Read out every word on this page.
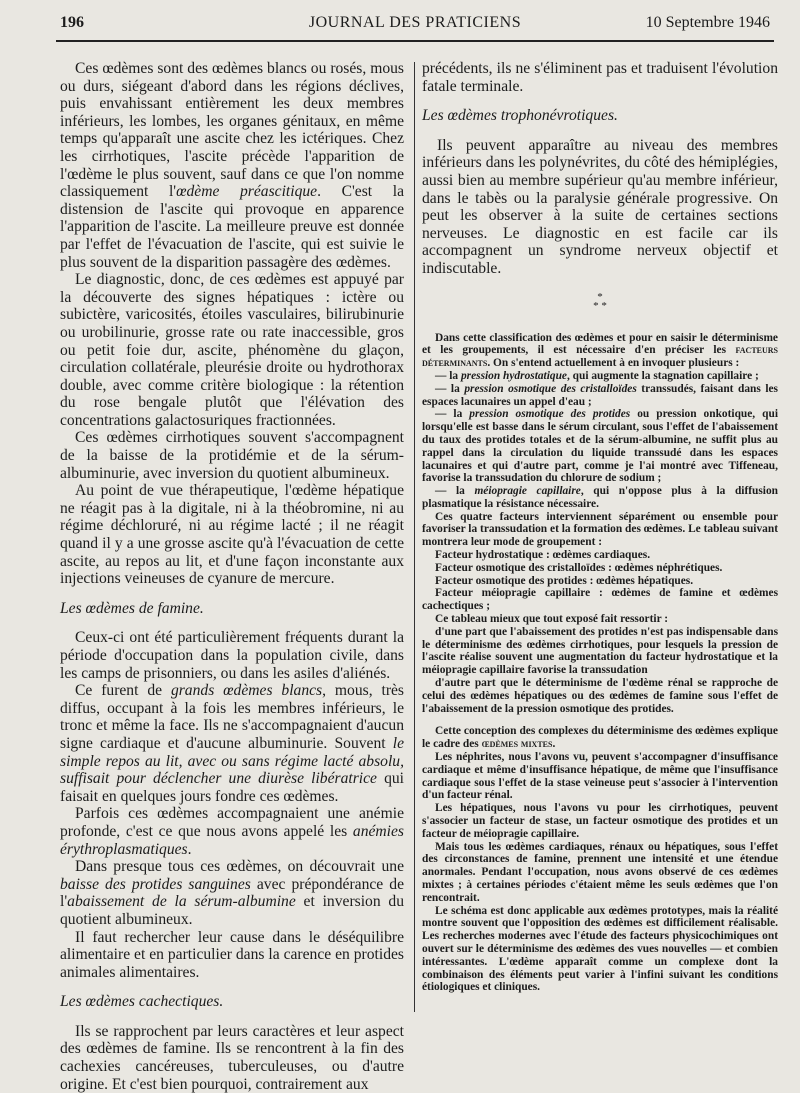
196	JOURNAL DES PRATICIENS	10 Septembre 1946

Ces œdèmes sont des œdèmes blancs ou rosés, mous ou durs, siégeant d'abord dans les régions déclives, puis envahissant entièrement les deux membres inférieurs, les lombes, les organes génitaux, en même temps qu'apparaît une ascite chez les ictériques. Chez les cirrhotiques, l'ascite précède l'apparition de l'œdème le plus souvent, sauf dans ce que l'on nomme classiquement l'œdème préascitique. C'est la distension de l'ascite qui provoque en apparence l'apparition de l'ascite. La meilleure preuve est donnée par l'effet de l'évacuation de l'ascite, qui est suivie le plus souvent de la disparition passagère des œdèmes.

Le diagnostic, donc, de ces œdèmes est appuyé par la découverte des signes hépatiques : ictère ou subictère, varicosités, étoiles vasculaires, bilirubinurie ou urobilinurie, grosse rate ou rate inaccessible, gros ou petit foie dur, ascite, phénomène du glaçon, circulation collatérale, pleurésie droite ou hydrothorax double, avec comme critère biologique : la rétention du rose bengale plutôt que l'élévation des concentrations galactosuriques fractionnées.

Ces œdèmes cirrhotiques souvent s'accompagnent de la baisse de la protidémie et de la sérum-albuminurie, avec inversion du quotient albumineux.

Au point de vue thérapeutique, l'œdème hépatique ne réagit pas à la digitale, ni à la théobromine, ni au régime déchloruré, ni au régime lacté ; il ne réagit quand il y a une grosse ascite qu'à l'évacuation de cette ascite, au repos au lit, et d'une façon inconstante aux injections veineuses de cyanure de mercure.

Les œdèmes de famine.

Ceux-ci ont été particulièrement fréquents durant la période d'occupation dans la population civile, dans les camps de prisonniers, ou dans les asiles d'aliénés.

Ce furent de grands œdèmes blancs, mous, très diffus, occupant à la fois les membres inférieurs, le tronc et même la face. Ils ne s'accompagnaient d'aucun signe cardiaque et d'aucune albuminurie. Souvent le simple repos au lit, avec ou sans régime lacté absolu, suffisait pour déclencher une diurèse libératrice qui faisait en quelques jours fondre ces œdèmes.

Parfois ces œdèmes accompagnaient une anémie profonde, c'est ce que nous avons appelé les anémies érythroplasmatiques.

Dans presque tous ces œdèmes, on découvrait une baisse des protides sanguines avec prépondérance de l'abaissement de la sérum-albumine et inversion du quotient albumineux.

Il faut rechercher leur cause dans le déséquilibre alimentaire et en particulier dans la carence en protides animales alimentaires.

Les œdèmes cachectiques.

Ils se rapprochent par leurs caractères et leur aspect des œdèmes de famine. Ils se rencontrent à la fin des cachexies cancéreuses, tuberculeuses, ou d'autre origine. Et c'est bien pourquoi, contrairement aux

précédents, ils ne s'éliminent pas et traduisent l'évolution fatale terminale.

Les œdèmes trophonévrotiques.

Ils peuvent apparaître au niveau des membres inférieurs dans les polynévrites, du côté des hémiplégies, aussi bien au membre supérieur qu'au membre inférieur, dans le tabès ou la paralysie générale progressive. On peut les observer à la suite de certaines sections nerveuses. Le diagnostic en est facile car ils accompagnent un syndrome nerveux objectif et indiscutable.

*
* *

Dans cette classification des œdèmes et pour en saisir le déterminisme et les groupements, il est nécessaire d'en préciser les facteurs déterminants. On s'entend actuellement à en invoquer plusieurs :

— la pression hydrostatique, qui augmente la stagnation capillaire ;

— la pression osmotique des cristalloïdes transsudés, faisant dans les espaces lacunaires un appel d'eau ;

— la pression osmotique des protides ou pression onkotique, qui lorsqu'elle est basse dans le sérum circulant, sous l'effet de l'abaissement du taux des protides totales et de la sérum-albumine, ne suffit plus au rappel dans la circulation du liquide transsudé dans les espaces lacunaires et qui d'autre part, comme je l'ai montré avec Tiffeneau, favorise la transsudation du chlorure de sodium ;

— la méiopragie capillaire, qui n'oppose plus à la diffusion plasmatique la résistance nécessaire.

Ces quatre facteurs interviennent séparément ou ensemble pour favoriser la transsudation et la formation des œdèmes. Le tableau suivant montrera leur mode de groupement :

Facteur hydrostatique : œdèmes cardiaques.

Facteur osmotique des cristalloïdes : œdèmes néphrétiques.

Facteur osmotique des protides : œdèmes hépatiques.

Facteur méiopragie capillaire : œdèmes de famine et œdèmes cachectiques ;

Ce tableau mieux que tout exposé fait ressortir :

d'une part que l'abaissement des protides n'est pas indispensable dans le déterminisme des œdèmes cirrhotiques, pour lesquels la pression de l'ascite réalise souvent une augmentation du facteur hydrostatique et la méiopragie capillaire favorise la transsudation

d'autre part que le déterminisme de l'œdème rénal se rapproche de celui des œdèmes hépatiques ou des œdèmes de famine sous l'effet de l'abaissement de la pression osmotique des protides.

Cette conception des complexes du déterminisme des œdèmes explique le cadre des œdèmes mixtes.

Les néphrites, nous l'avons vu, peuvent s'accompagner d'insuffisance cardiaque et même d'insuffisance hépatique, de même que l'insuffisance cardiaque sous l'effet de la stase veineuse peut s'associer à l'intervention d'un facteur rénal.

Les hépatiques, nous l'avons vu pour les cirrhotiques, peuvent s'associer un facteur de stase, un facteur osmotique des protides et un facteur de méiopragie capillaire.

Mais tous les œdèmes cardiaques, rénaux ou hépatiques, sous l'effet des circonstances de famine, prennent une intensité et une étendue anormales. Pendant l'occupation, nous avons observé de ces œdèmes mixtes ; à certaines périodes c'étaient même les seuls œdèmes que l'on rencontrait.

Le schéma est donc applicable aux œdèmes prototypes, mais la réalité montre souvent que l'opposition des œdèmes est difficilement réalisable. Les recherches modernes avec l'étude des facteurs physicochimiques ont ouvert sur le déterminisme des œdèmes des vues nouvelles — et combien intéressantes. L'œdème apparaît comme un complexe dont la combinaison des éléments peut varier à l'infini suivant les conditions étiologiques et cliniques.
